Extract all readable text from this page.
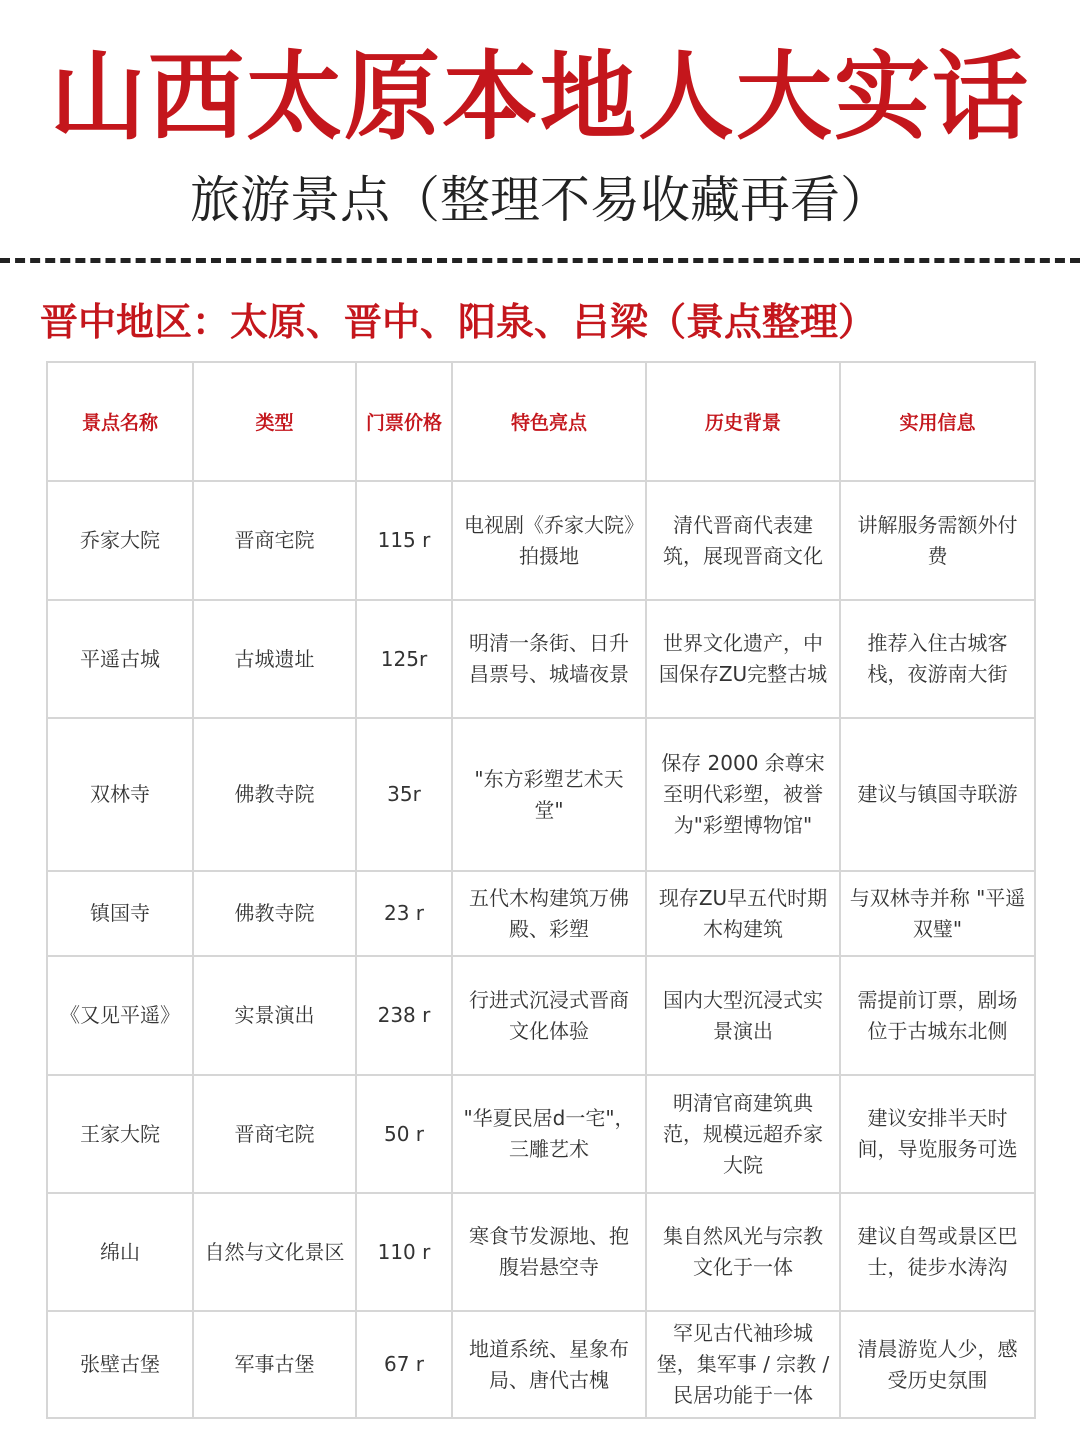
山西太原本地人大实话
旅游景点（整理不易收藏再看）
晋中地区：太原、晋中、阳泉、吕梁（景点整理）
景点名称	类型	门票价格	特色亮点	历史背景	实用信息
乔家大院	晋商宅院	115 r	电视剧《乔家大院》拍摄地	清代晋商代表建筑，展现晋商文化	讲解服务需额外付费
平遥古城	古城遗址	125r	明清一条街、日升昌票号、城墙夜景	世界文化遗产，中国保存ZU完整古城	推荐入住古城客栈，夜游南大街
双林寺	佛教寺院	35r	"东方彩塑艺术天堂"	保存 2000 余尊宋至明代彩塑，被誉为"彩塑博物馆"	建议与镇国寺联游
镇国寺	佛教寺院	23 r	五代木构建筑万佛殿、彩塑	现存ZU早五代时期木构建筑	与双林寺并称 "平遥双璧"
《又见平遥》	实景演出	238 r	行进式沉浸式晋商文化体验	国内大型沉浸式实景演出	需提前订票，剧场位于古城东北侧
王家大院	晋商宅院	50 r	"华夏民居d一宅"，三雕艺术	明清官商建筑典范，规模远超乔家大院	建议安排半天时间，导览服务可选
绵山	自然与文化景区	110 r	寒食节发源地、抱腹岩悬空寺	集自然风光与宗教文化于一体	建议自驾或景区巴士，徒步水涛沟
张壁古堡	军事古堡	67 r	地道系统、星象布局、唐代古槐	罕见古代袖珍城堡，集军事 / 宗教 / 民居功能于一体	清晨游览人少，感受历史氛围
